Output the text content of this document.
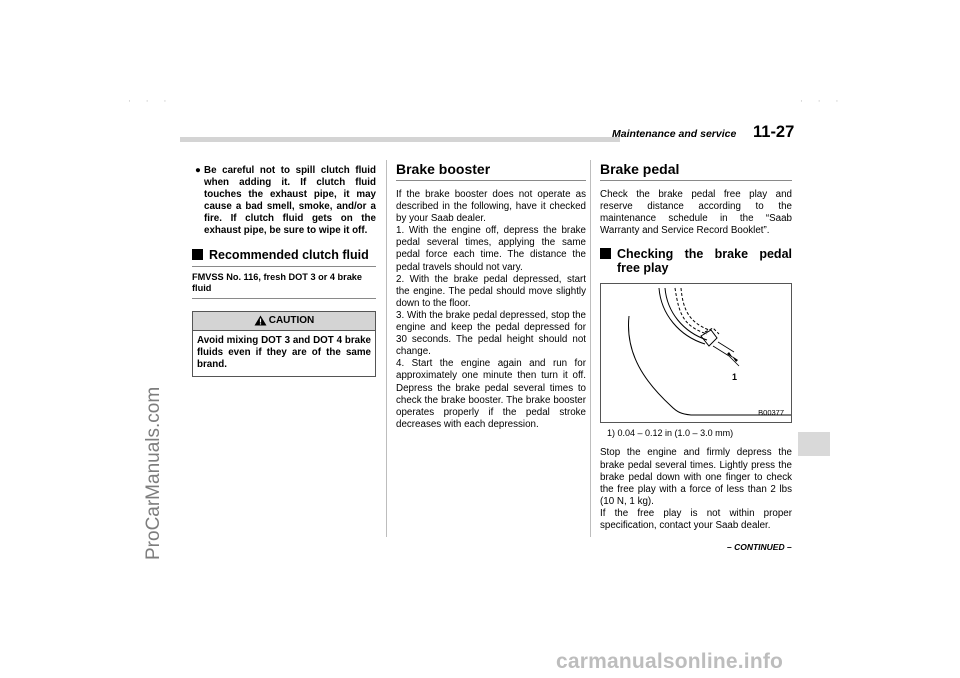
· · ·	· · ·
ProCarManuals.com
Maintenance and service 11-27
● Be careful not to spill clutch fluid when adding it. If clutch fluid touches the exhaust pipe, it may cause a bad smell, smoke, and/or a fire. If clutch fluid gets on the exhaust pipe, be sure to wipe it off.
Recommended clutch fluid
FMVSS No. 116, fresh DOT 3 or 4 brake fluid
CAUTION
Avoid mixing DOT 3 and DOT 4 brake fluids even if they are of the same brand.
Brake booster

If the brake booster does not operate as described in the following, have it checked by your Saab dealer.

1. With the engine off, depress the brake pedal several times, applying the same pedal force each time. The distance the pedal travels should not vary.

2. With the brake pedal depressed, start the engine. The pedal should move slightly down to the floor.

3. With the brake pedal depressed, stop the engine and keep the pedal depressed for 30 seconds. The pedal height should not change.

4. Start the engine again and run for approximately one minute then turn it off. Depress the brake pedal several times to check the brake booster. The brake booster operates properly if the pedal stroke decreases with each depression.

Brake pedal

Check the brake pedal free play and reserve distance according to the maintenance schedule in the “Saab Warranty and Service Record Booklet”.

Checking the brake pedal free play
1
B00377
1) 0.04 – 0.12 in (1.0 – 3.0 mm)

Stop the engine and firmly depress the brake pedal several times. Lightly press the brake pedal down with one finger to check the free play with a force of less than 2 lbs (10 N, 1 kg).

If the free play is not within proper specification, contact your Saab dealer.

– CONTINUED –
carmanualsonline.info
